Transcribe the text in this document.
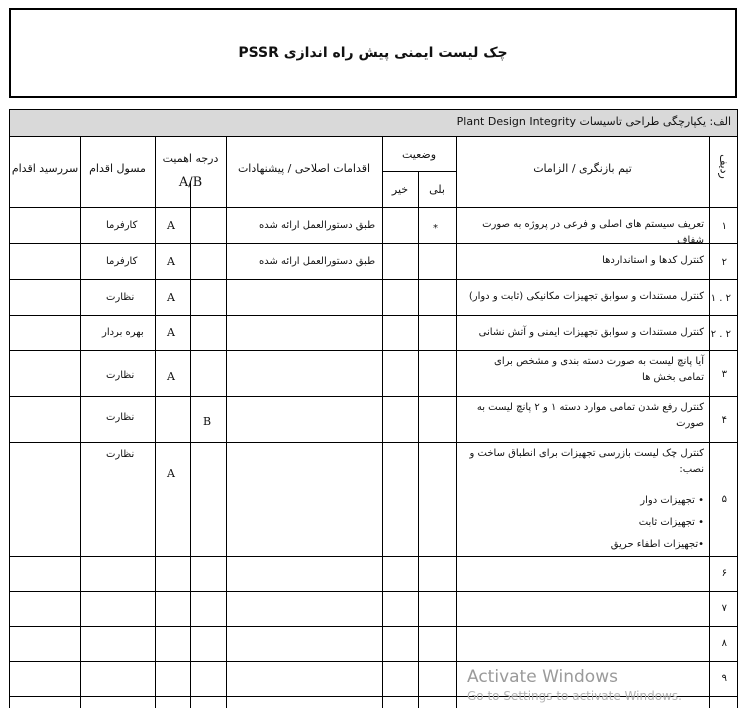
چک لیست ایمنی پیش راه اندازی PSSR
الف: یکپارچگی طراحی تاسیسات Plant Design Integrity
ردیف
تیم بازنگری / الزامات
وضعیت
بلی
خیر
اقدامات اصلاحی / پیشنهادات
درجه اهمیت
A/B
مسول اقدام
سررسید اقدام
۱
تعریف سیستم های اصلی و فرعی در پروژه به صورت شفاف
*
طبق دستورالعمل ارائه شده
A
کارفرما
۲
کنترل کدها و استانداردها
طبق دستورالعمل ارائه شده
A
کارفرما
۲ . ۱
کنترل مستندات و سوابق تجهیزات مکانیکی (ثابت و دوار)
A
نظارت
۲ . ۲
کنترل مستندات و سوابق تجهیزات ایمنی و آتش نشانی
A
بهره بردار
۳
آیا پانچ لیست به صورت دسته بندی و مشخص برای تمامی بخش ها
A
نظارت
۴
کنترل رفع شدن تمامی موارد دسته ۱ و ۲ پانچ لیست به صورت
B
نظارت
۵
کنترل چک لیست بازرسی تجهیزات برای انطباق ساخت و نصب:
• تجهیزات دوار
• تجهیزات ثابت
•تجهیزات اطفاء حریق
A
نظارت
۶
۷
۸
۹
Activate Windows
Go to Settings to activate Windows.
